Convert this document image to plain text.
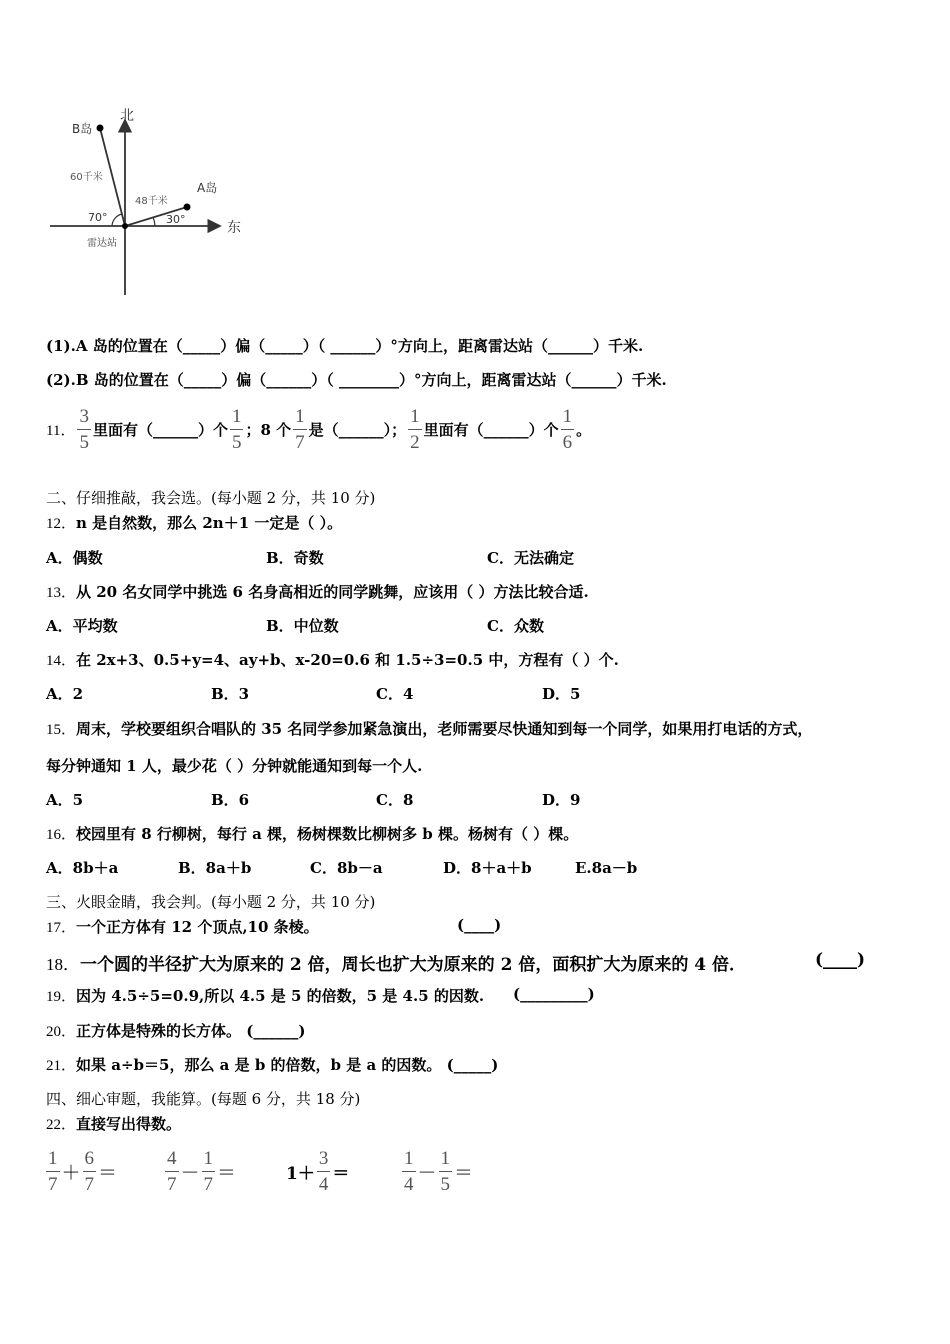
北
东
B岛
A岛
60千米
48千米
70°	30°
雷达站
(1).A 岛的位置在（_____）偏（_____）（ ______）°方向上，距离雷达站（______）千米.
(2).B 岛的位置在（_____）偏（______）（ ________）°方向上，距离雷达站（______）千米.
11． $\frac{3}{5}$ 里面有（______）个 $\frac{1}{5}$ ；8 个 $\frac{1}{7}$ 是（______）； $\frac{1}{2}$ 里面有（______）个 $\frac{1}{6}$ 。
二、仔细推敲，我会选。(每小题 2 分，共 10 分)
12．n 是自然数，那么 2n＋1 一定是（ ）。
A．偶数	B．奇数	C．无法确定
13．从 20 名女同学中挑选 6 名身高相近的同学跳舞，应该用（ ）方法比较合适.
A．平均数	B．中位数	C．众数
14．在 2x+3、0.5+y=4、ay+b、x-20=0.6 和 1.5÷3=0.5 中，方程有（ ）个.
A．2	B．3	C．4	D．5
15．周末，学校要组织合唱队的 35 名同学参加紧急演出，老师需要尽快通知到每一个同学，如果用打电话的方式，
每分钟通知 1 人，最少花（ ）分钟就能通知到每一个人.
A．5	B．6	C．8	D．9
16．校园里有 8 行柳树，每行 a 棵，杨树棵数比柳树多 b 棵。杨树有（ ）棵。
A．8b＋a	B．8a＋b	C．8b－a	D．8＋a＋b	E.8a－b
三、火眼金睛，我会判。(每小题 2 分，共 10 分)
17．一个正方体有 12 个顶点,10 条棱。	(____)
18．一个圆的半径扩大为原来的 2 倍，周长也扩大为原来的 2 倍，面积扩大为原来的 4 倍．	(____)
19．因为 4.5÷5=0.9,所以 4.5 是 5 的倍数，5 是 4.5 的因数. (_________)
20．正方体是特殊的长方体。 (______)
21．如果 a÷b＝5，那么 a 是 b 的倍数，b 是 a 的因数。 (_____)
四、细心审题，我能算。(每题 6 分，共 18 分)
22．直接写出得数。
$\frac{1}{7} + \frac{6}{7}$ ＝	$\frac{4}{7} - \frac{1}{7}$ ＝	$1+ \frac{3}{4}$ ＝	$\frac{1}{4} - \frac{1}{5}$ ＝
